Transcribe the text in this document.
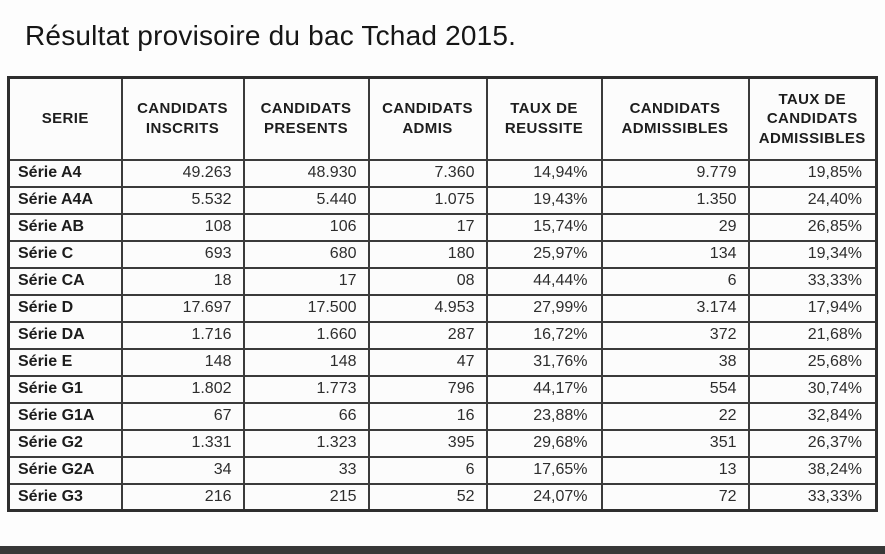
Résultat provisoire du bac Tchad 2015.
SERIE	CANDIDATS INSCRITS	CANDIDATS PRESENTS	CANDIDATS ADMIS	TAUX DE REUSSITE	CANDIDATS ADMISSIBLES	TAUX DE CANDIDATS ADMISSIBLES
Série A4	49.263	48.930	7.360	14,94%	9.779	19,85%
Série A4A	5.532	5.440	1.075	19,43%	1.350	24,40%
Série AB	108	106	17	15,74%	29	26,85%
Série C	693	680	180	25,97%	134	19,34%
Série CA	18	17	08	44,44%	6	33,33%
Série D	17.697	17.500	4.953	27,99%	3.174	17,94%
Série DA	1.716	1.660	287	16,72%	372	21,68%
Série E	148	148	47	31,76%	38	25,68%
Série G1	1.802	1.773	796	44,17%	554	30,74%
Série G1A	67	66	16	23,88%	22	32,84%
Série G2	1.331	1.323	395	29,68%	351	26,37%
Série G2A	34	33	6	17,65%	13	38,24%
Série G3	216	215	52	24,07%	72	33,33%
